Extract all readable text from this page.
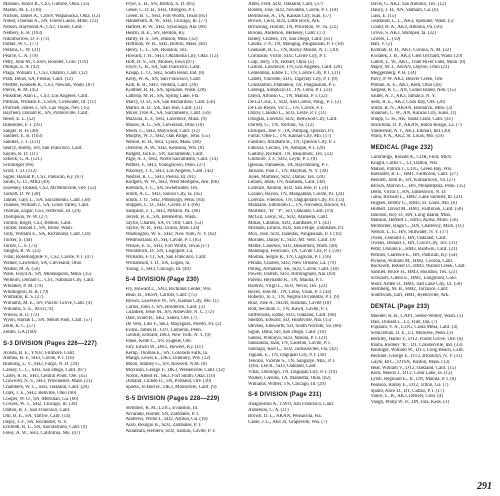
Mastain, Junior R., CS3, Guthrie, Okla. (33)
Mastin, M. L. (116)
Nichols, James A., CSSN, Wapanucka, Okla. (12)
Nobel, Thomas A., SN, Forest Lakes, Minn. (12)
Nelson, Raymond A., CS2, Tulare, Calif.
Nethery, E. R. (103)
Nikomorrow, D. F. (73)
Parker, W. C. (77)
Perkins, C. W. (31)
Pearce, C. A. (79)
Petty, John M., CSSN, Boulder, Colo. (119)
Phillips, E. A. (92)
Plaga, William T., CS3, Ontario, Calif. (12)
Pratt, Denis, SA, Fresno, Calif. (12)
Pfeiffer, Kenneth R., CS3, Newark, Wash. (87)
Pierce, R. M. (45)
Pinkstine, Alan L., CS3, Los Angeles, Calif.
Pittman, William E., CSSN, Coldwater, Ill. (11)
Pritchett, James J., SN, Las Vegas, Nev. (15)
Rayfield, Donald R., SN, Portersville, Calif.
Reser, E. L. (52)
Rinestone, F. J. (91)
Sanger, R. H. (40)
Sanders, E. R. (103)
Sanders, J. T. (111)
Searcy, Bobby, SN, San Francisco, Calif.
Sayles, R. D. (11)
Scheck, G. A. (121)
Schillinger (66)
Scott, T. D. (112)
Sigler, Harold P., CS2, Paducah, Ky. (67)
Smith, G. D., MR3 (49)
Sweeney, Donald, CS2, McMinnville, Ore. (52)
Tackett, D. W. (28)
Tanner, Gary L., SA, Sacramento, Calif. (38)
Thames, William J., SA, Grass Valley, Calif.
Thomas, Edgar, CS3, Jefferson, Ill. (29)
Thompson, W. W. (27)
Tomlin, Roger, CS3, Benton, Calif.
Tucker, Harold J., SN, Boise, Wash.
Tully, William E., SA, Richmond, Calif. (34)
Tucker, S. (44)
Turner, C. S. (73)
Vaughn, R. W. (22)
Vidal, Rosemarglide V., CS2, Cavite, P. I. (47)
Walker, Lawrence, SA, Cleveland, Ohio
Walker, M. A. (56)
Ware, Floyd A., SN, Minneapolis, Minn. (35)
Welborn, Donald C., CS1, National City, Calif.
Whitaker, P. M. (79)
Whittington, R. R. (79)
Widmann, R. S. (27)
Williams, M. E., SN, Pacific Grove, Calif. (4)
Williams, S. E., AO3 (74)
Wilson, B. D. (72)
Wynn, Harlan L., SN, Menlo Park, Calif. (57)
Zelle, K. C. (57)
Zelten, GA (100)
S-3 DIVISION (Pages 226—227)
Acosta, B. E., YN3c, Fillmore, Calif.
Anthus, H. F., SH3, Cavite, P. I. (16)
Bunning, L. V., SH2, Fargo, N. D. (39)
Carney, C. C., SH3, San Diego, Calif. (87)
Carter, R. R., SH3, Central Point, Ore. (45)
Crawford, N. S., SH3, Winchester, Mass. (11)
Chambers, W. C., SH3, Oakland, Calif. (20)
Clark, J. E., SH3, Bellville, Ohio (60)
Cooper, W. O., SN, Meridian, Ga. (66)
Cowles, W. T., SH2, Chicago, Ill. (38)
Dalton, R. J., San Francisco, Calif.
Dill, B. E., SA, Yarrow, Calif. (14)
Dejoy, J. F., SN, Rochester, N. Y.
Eckfeldt, R. L., SN, San Bernino, Calif. (9)
Foley, A. W., SH3, California, Mo. (47)
Fryer, L. H., SN, Britton, S. D. (85)
Gelee, C. D. B., SH3, Obregon, P. I.
Green, B. T., SH3, Fort Worth, Texas (85)
Hannebuth, R. W., SH3, Chicago, Ill. (77)
Hartnet, B. W., SH3, Sylacauga, Ala. (86)
Hearin, R. E., SN, Benton, Ky.
Hardy, H. S., SN, Jenison, Miss. (32)
Hoffman, W. R., SH2, Burton, Mass. (40)
Henry, C. L., SN, Houston, Tex.
Howard, J. H., SH3, Oklahoma City, Okla. (12)
Hoff, H. S., SN, Moines, Iowa (87)
Joyce, C. B., SA, San Francisco, Calif.
Knapp, L. O., SH2, South Bend, Ind. (8)
Kelly, W. A., SN, San Francisco, Calif.
Kilb, R. R., SH3, Ventura, Calif. (26)
Kollmer, R. H., SN, Spokane, Wash. (28)
Lathrop, M. R., SA, Spring Lake, Fla.
Marcy, D. D., SA, San Bernardino, Calif. (56)
Martin, R. D., SA, San Jose, Calif. (31)
Minor, Don A., SA, Sacramento, Calif. (56)
Mazzola, E. J., SH3, Lawrence, Mass. (9)
Mason, R. G., SN, Cleveland, Ohio (10)
Moen, C., SH2, Maywood, Calif. (12)
Murphy, W. J., SH2, Oak Ridge, Tenn. (55)
Nelson, R. H., SH3, Lyons, Mass. (40)
Osborne, A. W., SH2, Kenosha, Wis. (8)
Padgett, Jack E., SN, Sacramento, Calif.
Page, A. J., SH2, North Sacramento, Calif. (14)
Pethtel, F., SH3, Youngstown, Penn. (27)
Pikorney, J. F., SH3, Los Angeles, Calif. (42)
Nestzel, R. C., SH3, Peoria, Ill. (81)
Rodgers, W. W., SH2, West Memphis, Ark. (66)
Roebuck, F. C., SN, Sweetwater, Tex.
Smith, A. L., SH3, Siouxs City, Ia. (45)
Smith, J. O., SH2, Pittsburgh, Penn. (84)
Stoppler, C. D., SH2, Cavite, P. I. (66)
Sampson, J. T., SH3, Pittston, Pa. (40)
Terrell, B. E., SN, Bremerton, Wash.
Taylor, Charles, SA, Ft. Ord, Calif. (53)
Taylor, W. R., SH2, Union, Miss. (24)
Washington, W. S., SH2, New York, N. Y. (62)
Westmorland, D., SH, Cavite, P. I. (85)
Wilson, E. E., SH3, Fort Worth, Texas (17)
Woodstock, D., SN, Lisgoport, La.
Williams, F. O., SA, San Francisco, Calif.
Williamson, J. D., SA, Logan, Ia.
Young, J., SH3, Chicago, Ill. (40)
S-4 DIVISION (Page 230)
Fry, Howard L., SN3, Richland Center, Wis.
Bean, B., SKSN, Carmel, Calif. (75)
Brown, Lawrence W., SN, Kansas City, Mo. (1)
Carlos, John J., SN, Broderick, Calif. (3)
Chaldien, Jesse M., SN, Asheville, N. C. (72)
Dale, Erald R., SK2, Salem, Ore. (7)
De Vera, Luis F., SK3, Mayaguez, Puerto, P.I. (2)
Evans, James B., CP1, Cameron, Penn.
Gentile, Edward, DK3, New York, N. Y. (9)
Jones, Keith C., SN, Eugene, Ore.
Jury, Edwin W., DK1, Bowers, Ky. (11)
Kemp, Thomas E., SN, Colorado Falls, Ia.
Mangs, Lewis E., DK3, Dunbury, Wis. (12)
Moon, Stanley G., SN, Roswell, N.M. (8)
Morrison, George F., DK3, Weisenville, Calif. (12)
Norris, Albert H., SK3, Fort Smith, Okla. (10)
Outland, Clonde D., SN, Portland, Ore. (10)
Sparks, Jo Bud H., DK3, Monticello, Calif. (9)
S-5 DIVISION (Pages 228—229)
Stemmer, R. M., LTJG, Evanston, Ill.
Alvarado, Homer, SN, Zambales, P. I.
Andrews, Willie J., SD2, Ashton, Ga. (16)
Auro, Reulgio B., SD3, Zambales, P. I.
Aluantara, Hernero, SD2, Salinas, Cavite, P. I.
Allen, Fred, SD2, Oakland, Calif. (37)
Bolden, Jose, SD2, Novaleta, Cavite, P. I. (18)
Bernhouse, A., TA, Kansas City, Kan. (57)
Brown, Cecil, SD3, Little Rock, Ark.
Browning, Harold, TN, Princeton, W. Va. (22)
Brooks, Anderson, Berkeley, Calif. (17)
Bailey, Charles, TN, San Diego, Calif. (41)
Casilla, J. P., TN, Malagug, Pangasinan, P. I. (10)
Chenault, R. C., TN, Rocky Mount, N. C. (20)
Coronado, Victor, SD2, Cavite City, P. I.
Culp, Jerry, TN, Hobart, Okla. (5)
Calloni, Lawrence, TN, Los Angeles, Calif. (20)
Cementina, Eddie Y., TN, Cavite City, P. I. (31)
Catlett, Vincente, SD3, Tagaytay City, P. I. (8)
Constantino, Pantaleon, TA, Pangasinan, P. I.
Cabrega, Simplicio D., TN, Cebu, P. I. (23)
Dayot, Alfonso C., TN, Manila, P. I. (22)
De La Cruz, J., SD2, San Carlos, Pang., P. I. (2)
De Los Reyes, Vic C., TN, Cavite, P. I.
Dizon, Claudio L., SD3, Leyte, P. I. (11)
Douglas, Lorenzo, SD2, Redwood City, Calif.
Durrett, G., TN, Norfolk, Va. (12)
Enriquez, Jose V., TA, Pampag, Quezon, P.I.
Farrar, Ollie L., TN, Kansas City, Mo. (17)
Faustino, Abraham B., TN, Quezon City, P. I.
Fabrosa, Cecilio, TA, Antique, P. I. (29)
Gailliny, Richard, TN, Beaumont, Tex. (33)
Gillmore, J. F., SD2, Leyte, P. I. (8)
Iglesias, Pantaleon, TA, Bayombong, P. I.
Jackson, Paul J., TN, Mayhun, N. Y. (39)
Jones, Martinez, SD2, Dallas, Tex. (28)
Leland, Jesse, TN, Alameda, Calif. (49)
Lorenzo, Abilino, SD2, San Jose, P. I. (4)
Lozano, Rayon, TN, Mangaldan, Cavite, P.I. (24)
Lorenzo, Filemon, TN, Daguporam City, P.I. (13)
Manzano, Edmundo L., TN, Novaleta, Bacoor, P.I.
Martinez, "R" "P", SD, Oakland, Calif. (19)
McGill, Leroy, SC, SD2, Alameda, Calif.
Millas, Catalino, SD3, Zambales, P. I. (43)
Miranda, Emilio, SD2, San Felipe, Zambales, P.I.
Mox, Jose, SD2, Jalandas, Pangasinan, P. I. (16)
Morales, Danny E., SD2, Mt. Vern. Calif. (9)
Mattie, Clarence, SD3, Beaumont, Wash. (48)
Mandugui, Feliciano, TN, Cavite City, P. I. (56)
Modina, Sergio R., TN, Cagayan, P. I. (16)
Peralta, Charles, SD2, New Orleans, La. (79)
Poling, Armando, SK, SD2, Cavite, Calif. (18)
Powell, Darrell, SD3, Birmingham, Ala. (64)
Pareno, Reynaldo R., TN, Manila, P. I.
Ramrez, Virgil L., SD3, Nevis, Tex. (23)
Reyes, Jose M., TN, Cebu, Visan, P. I. (44)
Roberto, Jo T., TN, Negros Occidental, P. I. (9)
Ruiz, Jose A., SD2R, Surailan, Cavite (18)
Rod, Secundo T., TN, Kawit, Cavite, P. I.
Stiffbrooks, Eddie, SD3, Oakland, Calif. (60)
Shelton, Edward, SD, Huntsville, Ala. (15)
Stevens, Ellsworth, SD, South Norfolk, Va. (60)
Sigue, Dana, SD, San Diego, Calif. (10)
Santos, Pollonyo, SD3, Manila, P. I. (21)
Salazanda, Juan, TN, Laoeran, Cavite, P. I.
Santiago, Kiel L., SD2, Jacksonville, Fla. (42)
Taguan, E., TN, Dagupan City, P. I. (49)
Tenorio, Vicente S., TN, Sangalye, Mla., P. I.
Tylor, Lee R., SD3, Oakland, Calif.
Villar, Domingo, TN, Dagupan City, P. I. (19)
Walker, Cleodis, TA, Mannetta, Okla. (82)
Williams, Wilber, TN, Chicago, Ill. (29)
S-6 DIVISION (Page 231)
Anagnostou A., CWO, San Francisco, Calif.
Anderson, C. A. (11)
Brown, D. L., AKAN, Pensacola, Fla.
Cable, J. L., AKCN, Grapeville, Wis. (7)
Davis, G. AK2, San Antonio, Tex. (12)
Dancy, J. H., AN, Statham, Ga. (6)
Gass, E. (15)
Gearheart, L. L., AK3, Spokane, Wash. (5)
Gould, R. A., AK3, Altoona, Pa. (56)
Grove, S. AK3, Stumpeu, Ia. (32)
Graves, L. (59)
Hall, V. (2)
Kimball, B. D., AK1, Corona, N. M. (32)
Kwiatek, J. B., AK3, Glen Orchard, Wash. (29)
Lamm, L. W., AKC, Thief River Falls, Minn. (8)
Major, M. J., AKAN, Dayton, Ohio (23)
Meggenberg, P. H. (34)
Parry, P. W. AK3, Beaver Creek, Ore.
Pitman, A. E., AK1, Kent, Ohio (26)
Sargent, R. C., AN, Grand Island, Neb. (15)
Sauter, A. J., AK3, Jamaica, N. Y.
Sells, R. E., AK3, Coos Bay, Ore. (20)
Smith, R. N., AKAN, Bismarck, Miss. (3)
Shannon, C. W., AN, Kansas City, Kans. (1)
Shupp, G. H., AK, Santa Clara, Calif. (41)
Stockman, D. P., AKAN, Baton Rouge, La. (7)
Vanderreal, A. J., AK3, Elkhart, Ind. (30)
Ward, P. A., AK2, St. Louis, Mo. (59)
MEDICAL (Page 232)
Cummings, Ronald A., CDR, Flint, Mich.
Knight, Curtis C., LT, Dalton, Wis.
Mahon, Patrick J., LTJG, Green Bay, Wis.
Bannister, R. L., HM1, Fallbrook, Calif. (27)
Bennett, John R., SN, Kilmarnock, Va. (27)
Brown, Marvin C., HN, Philadelphia, Penn. (35)
Dehn, Victor J., HN, Jamestown, N. D.
Gaba, Richard L., HM2, Lake Sumner, Ill. (21)
Hughes, Bobby G., HM3, St. Louis, Mo. (6)
Hulbert, David M., HM1, Fallbrook, Calif. (58)
Jamison, Roy D., HN, Long Island, Miss.
Manson, Herbert J., HM3, Aloha, Minn. (56)
McBrimer, Hugh C., HN, Charleroy, Mich. (11)
Nelson, L. E., HN, Stillwater, N. Y. (17)
Owen, Leonard J., HN, Oakland, Calif.
Owens, Donald J., HN, Cisco City, Tex. (31)
Pettit, Donald E., HM3, Baldwin, Calif. (23)
Perkins, Clarence E., HN, Paducah, Ky. (54)
Pickens, William M., HM2, Corona, Calif.
Rockwell, Robert D., HM3, Walnut Creek, Calif.
Samuel, Bruce H., HM3, Houston, Tex. (23)
Schwartz, Glenn E., HM1, Longmont, Colo.
Short, Arden O., HM1, Salt Lake City, Ut. (58)
Sternberg, M. B., HM2, Torrance, Calif.
Southwark, Earl, HM1, Ryehoville, Ark.
DENTAL (Page 233)
Mueller, R. B., CAPT, Sedro-Wolley, Wash. (3)
Dais, Donald L., LT, Flint, Ida. (7)
Fujikara, V. A., LTJG, Costa Mesa, Calif. (4)
Schliceman, D. E., LT, Muncele, Penn. (3)
Beckley, Hamil Y., DT2, Forest Grove, Ore. (6)
Ibarra, Rodney "K", DT, Consterville, Ind. (33)
Bullinger, William W., DT3, Long Beach, Calif.
Beckner, George E., DT2, Brooklyn, N. Y. (11)
Gayle, Bl C., DTSN, Boston, Mass. (13)
Heat, William V., DT2, Oakland, Calif. (15)
Kern, Mason J., DT2, Clear Lake, Ia. (12)
Lyrsh, Reginald E., Jr., DN, Manila, P. I. (8)
Pearson, Bobby E., DT2, Tifton, Ga. (7)
Spand, Alice D., DT, Cubao, P. I. (17)
Vance, C. R., AK3, Denver, Colo. (4)
Vaugh, Philip W. Jr., DN, Iola, Kans. (3)
291
